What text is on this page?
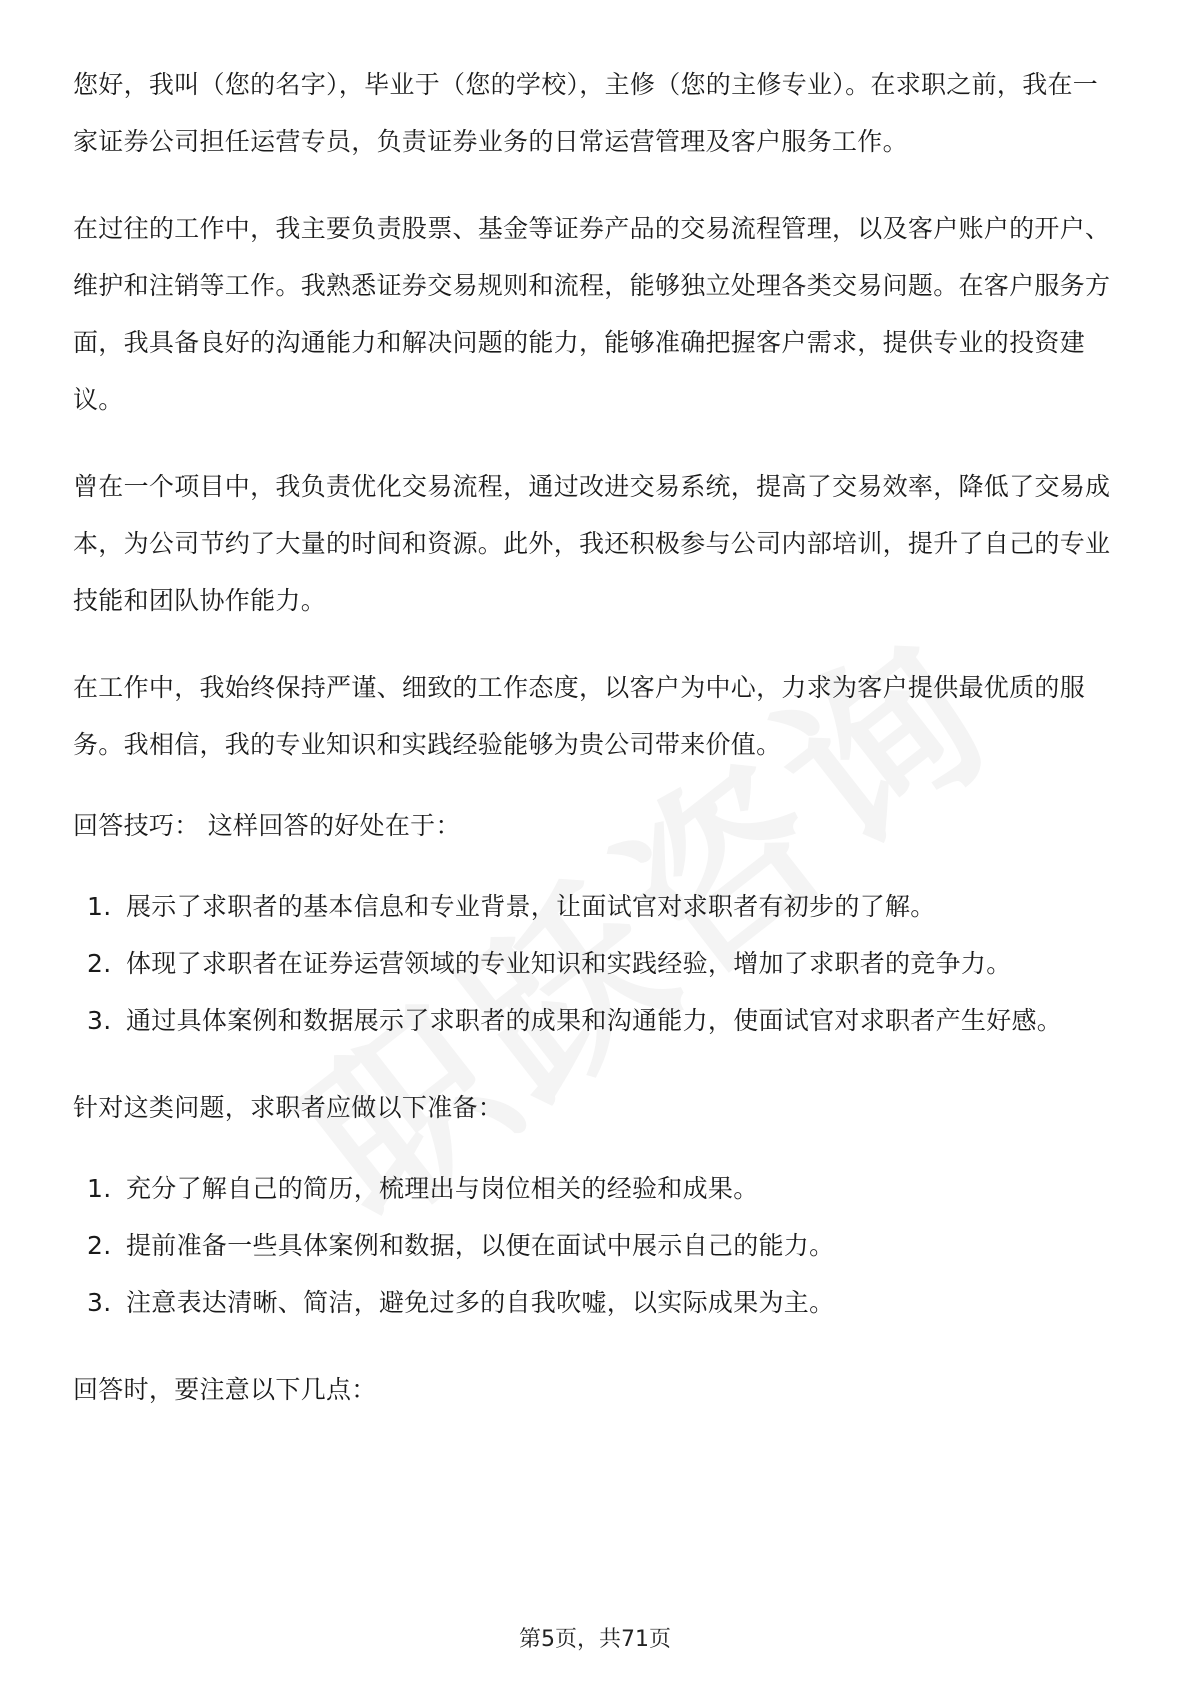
您好，我叫（您的名字），毕业于（您的学校），主修（您的主修专业）。在求职之前，我在一家证券公司担任运营专员，负责证券业务的日常运营管理及客户服务工作。

在过往的工作中，我主要负责股票、基金等证券产品的交易流程管理，以及客户账户的开户、维护和注销等工作。我熟悉证券交易规则和流程，能够独立处理各类交易问题。在客户服务方面，我具备良好的沟通能力和解决问题的能力，能够准确把握客户需求，提供专业的投资建议。

曾在一个项目中，我负责优化交易流程，通过改进交易系统，提高了交易效率，降低了交易成本，为公司节约了大量的时间和资源。此外，我还积极参与公司内部培训，提升了自己的专业技能和团队协作能力。

在工作中，我始终保持严谨、细致的工作态度，以客户为中心，力求为客户提供最优质的服务。我相信，我的专业知识和实践经验能够为贵公司带来价值。

回答技巧： 这样回答的好处在于：

1. 展示了求职者的基本信息和专业背景，让面试官对求职者有初步的了解。
2. 体现了求职者在证券运营领域的专业知识和实践经验，增加了求职者的竞争力。
3. 通过具体案例和数据展示了求职者的成果和沟通能力，使面试官对求职者产生好感。

针对这类问题，求职者应做以下准备：

1. 充分了解自己的简历，梳理出与岗位相关的经验和成果。
2. 提前准备一些具体案例和数据，以便在面试中展示自己的能力。
3. 注意表达清晰、简洁，避免过多的自我吹嘘，以实际成果为主。

回答时，要注意以下几点：

第5页，共71页
